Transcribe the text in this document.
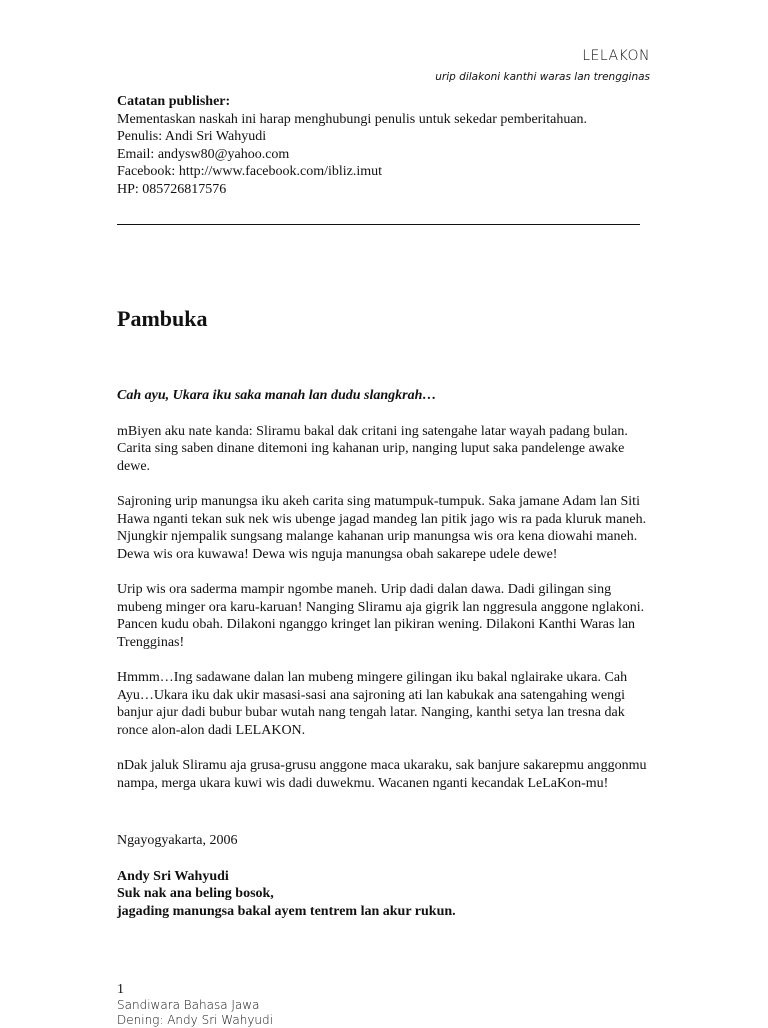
LELAKON
urip dilakoni kanthi waras lan trengginas
Catatan publisher:
Mementaskan naskah ini harap menghubungi penulis untuk sekedar pemberitahuan.
Penulis: Andi Sri Wahyudi
Email: andysw80@yahoo.com
Facebook: http://www.facebook.com/ibliz.imut
HP: 085726817576
Pambuka

Cah ayu, Ukara iku saka manah lan dudu slangkrah…

mBiyen aku nate kanda: Sliramu bakal dak critani ing satengahe latar wayah padang bulan. Carita sing saben dinane ditemoni ing kahanan urip, nanging luput saka pandelenge awake dewe.

Sajroning urip manungsa iku akeh carita sing matumpuk-tumpuk. Saka jamane Adam lan Siti Hawa nganti tekan suk nek wis ubenge jagad mandeg lan pitik jago wis ra pada kluruk maneh. Njungkir njempalik sungsang malange kahanan urip manungsa wis ora kena diowahi maneh. Dewa wis ora kuwawa! Dewa wis nguja manungsa obah sakarepe udele dewe!

Urip wis ora saderma mampir ngombe maneh. Urip dadi dalan dawa. Dadi gilingan sing mubeng minger ora karu-karuan! Nanging Sliramu aja gigrik lan nggresula anggone nglakoni. Pancen kudu obah. Dilakoni nganggo kringet lan pikiran wening. Dilakoni Kanthi Waras lan Trengginas!

Hmmm…Ing sadawane dalan lan mubeng mingere gilingan iku bakal nglairake ukara. Cah Ayu…Ukara iku dak ukir masasi-sasi ana sajroning ati lan kabukak ana satengahing wengi banjur ajur dadi bubur bubar wutah nang tengah latar. Nanging, kanthi setya lan tresna dak ronce alon-alon dadi LELAKON.

nDak jaluk Sliramu aja grusa-grusu anggone maca ukaraku, sak banjure sakarepmu anggonmu nampa, merga ukara kuwi wis dadi duwekmu. Wacanen nganti kecandak LeLaKon-mu!

Ngayogyakarta, 2006

Andy Sri Wahyudi

Suk nak ana beling bosok,

jagading manungsa bakal ayem tentrem lan akur rukun.

1
Sandiwara Bahasa Jawa
Dening: Andy Sri Wahyudi
